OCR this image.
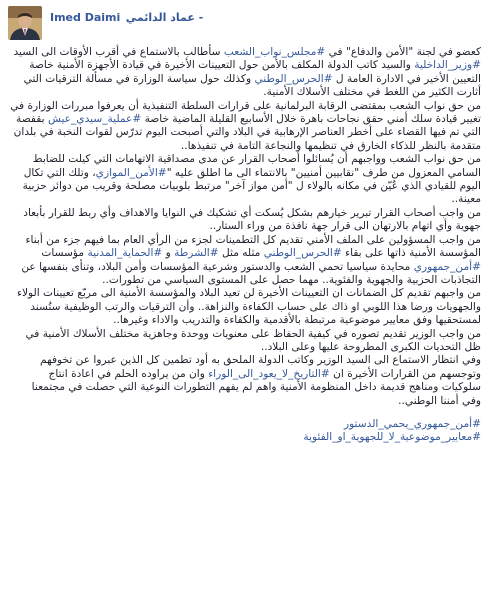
Imed Daimi عماد الدائمي -

كعضو في لجنة "الأمن والدفاع" في #مجلس_نواب_الشعب سأطالب بالاستماع في أقرب الأوقات الى السيد #وزير_الداخلية والسيد كاتب الدولة المكلف بالأمن حول التعيينات الأخيرة في قيادة الأجهزة الأمنية خاصة التعيين الأخير في الادارة العامة ل #الحرس_الوطني وكذلك حول سياسة الوزارة في مسألة الترقيات التي أثارت الكثير من اللغط في مختلف الأسلاك الأمنية.

من حق نواب الشعب بمقتضى الرقابة البرلمانية على قرارات السلطة التنفيذية أن يعرفوا مبررات الوزارة في تغيير قيادة سلك أمني حقق نجاحات باهرة خلال الأسابيع القليلة الماضية خاصة #عملية_سيدي_عيش بقفصة التي تم فيها القضاء على أخطر العناصر الإرهابية في البلاد والتي أصبحت اليوم تدرّس لقوات النخبة في بلدان متقدمة بالنظر للذكاء الخارق في تنظيمها والنجاعة التامة في تنفيذها..

من حق نواب الشعب وواجبهم أن يُسائلوا أصحاب القرار عن مدى مصداقية الاتهامات التي كيلت للضابط السامي المعزول من طرف "نقابيين أمنيين" بالانتماء الى ما اطلق عليه "#الأمن_الموازي، وتلك التي تكال اليوم للقيادي الذي عُيّن في مكانه بالولاء ل "أمن مواز آخر" مرتبط بلوبيات مصلحة وقريب من دوائر حزبية معينة..

من واجب أصحاب القرار تبرير خيارهم بشكل يُسكت أي تشكيك في النوايا والاهداف وأي ربط للقرار بأبعاد جهوية وأي اتهام بالارتهان الى قرار جهة نافذة من وراء الستار..

من واجب المسؤولين على الملف الأمني تقديم كل التطمينات لجزء من الرأي العام بما فيهم جزء من أبناء المؤسسة الأمنية ذاتها على بقاء #الحرس_الوطني مثله مثل #الشرطة و #الحماية_المدنية مؤسسات #أمن_جمهوري محايدة سياسيا تحمي الشعب والدستور وشرعية المؤسسات وأمن البلاد، وتنأى بنفسها عن التجاذبات الحزبية والجهوية والفئوية.. مهما حصل على المستوى السياسي من تطورات..

من واجبهم تقديم كل الضمانات ان التعيينات الأخيرة لن تعيد البلاد والمؤسسة الأمنية الى مربّع تعيينات الولاء والجهويات ورضا هذا اللوبي او ذاك على حساب الكفاءة والنزاهة.. وأن الترقيات والرتب الوظيفية ستُسند لمستحقيها وفق معايير موضوعية مرتبطة بالأقدمية والكفاءة والتدريب والاداء وغيرها..

من واجب الوزير تقديم تصوره في كيفية الحفاظ على معنويات ووحدة وجاهزية مختلف الأسلاك الأمنية في ظل التحديات الكبرى المطروحة عليها وعلى البلاد..

وفي انتظار الاستماع الى السيد الوزير وكاتب الدولة الملحق به أود تطمين كل الذين عبروا عن تخوفهم وتوجسهم من القرارات الأخيرة ان #التاريخ_لا_يعود_الى_الوراء وان من يراوده الحلم في اعادة انتاج سلوكيات ومناهج قديمة داخل المنظومة الأمنية واهم لم يفهم التطورات النوعية التي حصلت في مجتمعنا وفي أمننا الوطني..

#أمن_جمهوري_يحمي_الدستور
#معايير_موضوعية_لا_للجهوية_او_الفئوية
